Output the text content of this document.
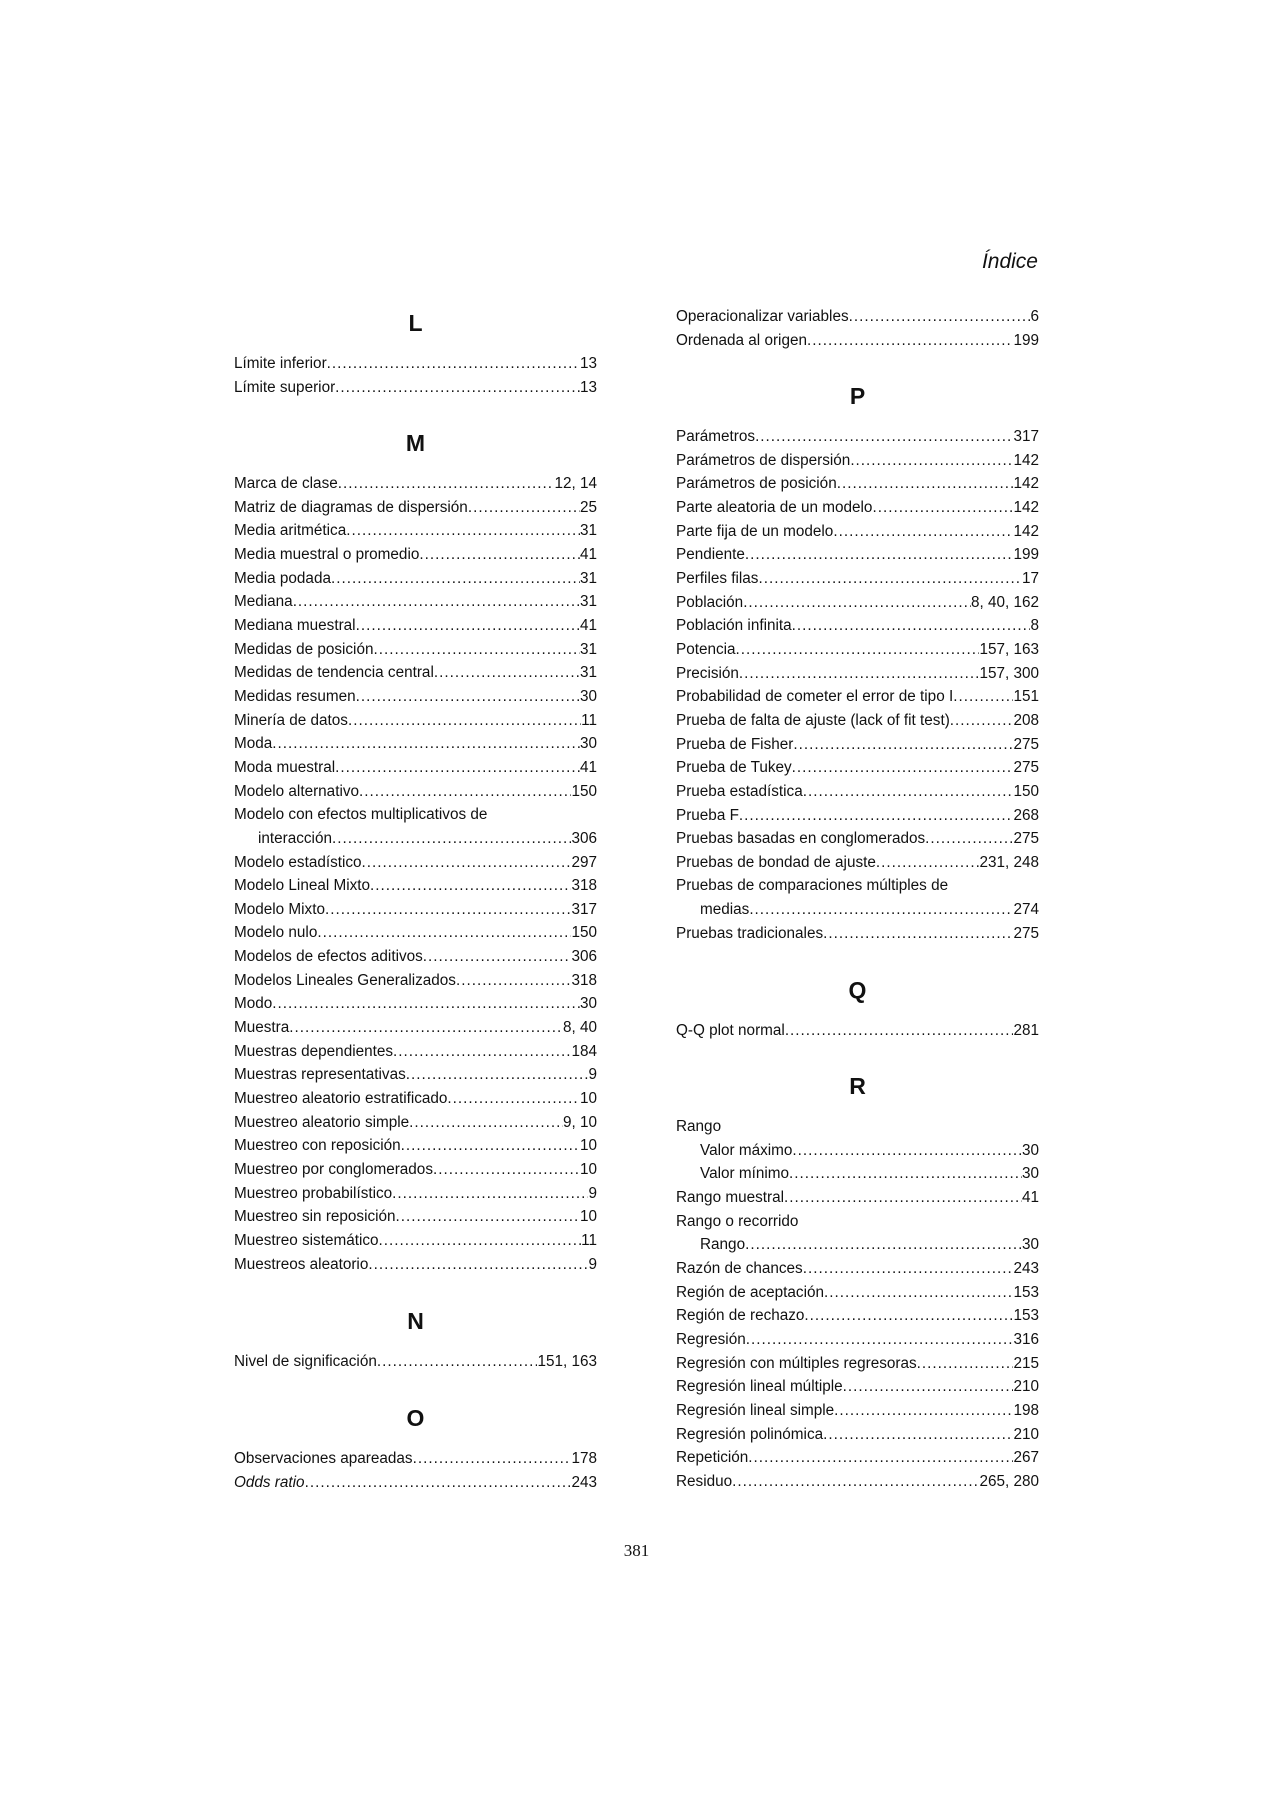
Índice
L
Límite inferior .....	13
Límite superior .....	13
M
Marca de clase .....	12, 14
Matriz de diagramas de dispersión .....	25
Media aritmética .....	31
Media muestral o promedio .....	41
Media podada .....	31
Mediana .....	31
Mediana muestral .....	41
Medidas de posición .....	31
Medidas de tendencia central .....	31
Medidas resumen .....	30
Minería de datos .....	11
Moda .....	30
Moda muestral .....	41
Modelo alternativo .....	150
Modelo con efectos multiplicativos de
interacción .....	306
Modelo estadístico .....	297
Modelo Lineal Mixto .....	318
Modelo Mixto .....	317
Modelo nulo .....	150
Modelos de efectos aditivos .....	306
Modelos Lineales Generalizados .....	318
Modo .....	30
Muestra .....	8, 40
Muestras dependientes .....	184
Muestras representativas .....	9
Muestreo aleatorio estratificado .....	10
Muestreo aleatorio simple .....	9, 10
Muestreo con reposición .....	10
Muestreo por conglomerados .....	10
Muestreo probabilístico .....	9
Muestreo sin reposición .....	10
Muestreo sistemático .....	11
Muestreos aleatorio .....	9
N
Nivel de significación .....	151, 163
O
Observaciones apareadas .....	178
Odds ratio .....	243
Operacionalizar variables .....	6
Ordenada al origen .....	199
P
Parámetros .....	317
Parámetros de dispersión .....	142
Parámetros de posición .....	142
Parte aleatoria de un modelo .....	142
Parte fija de un modelo .....	142
Pendiente .....	199
Perfiles filas .....	17
Población .....	8, 40, 162
Población infinita .....	8
Potencia .....	157, 163
Precisión .....	157, 300
Probabilidad de cometer el error de tipo I .....	151
Prueba de falta de ajuste (lack of fit test) .....	208
Prueba de Fisher .....	275
Prueba de Tukey .....	275
Prueba estadística .....	150
Prueba F .....	268
Pruebas basadas en conglomerados .....	275
Pruebas de bondad de ajuste .....	231, 248
Pruebas de comparaciones múltiples de
medias .....	274
Pruebas tradicionales .....	275
Q
Q-Q plot normal .....	281
R
Rango
Valor máximo .....	30
Valor mínimo .....	30
Rango muestral .....	41
Rango o recorrido
Rango .....	30
Razón de chances .....	243
Región de aceptación .....	153
Región de rechazo .....	153
Regresión .....	316
Regresión con múltiples regresoras .....	215
Regresión lineal múltiple .....	210
Regresión lineal simple .....	198
Regresión polinómica .....	210
Repetición .....	267
Residuo .....	265, 280
381
